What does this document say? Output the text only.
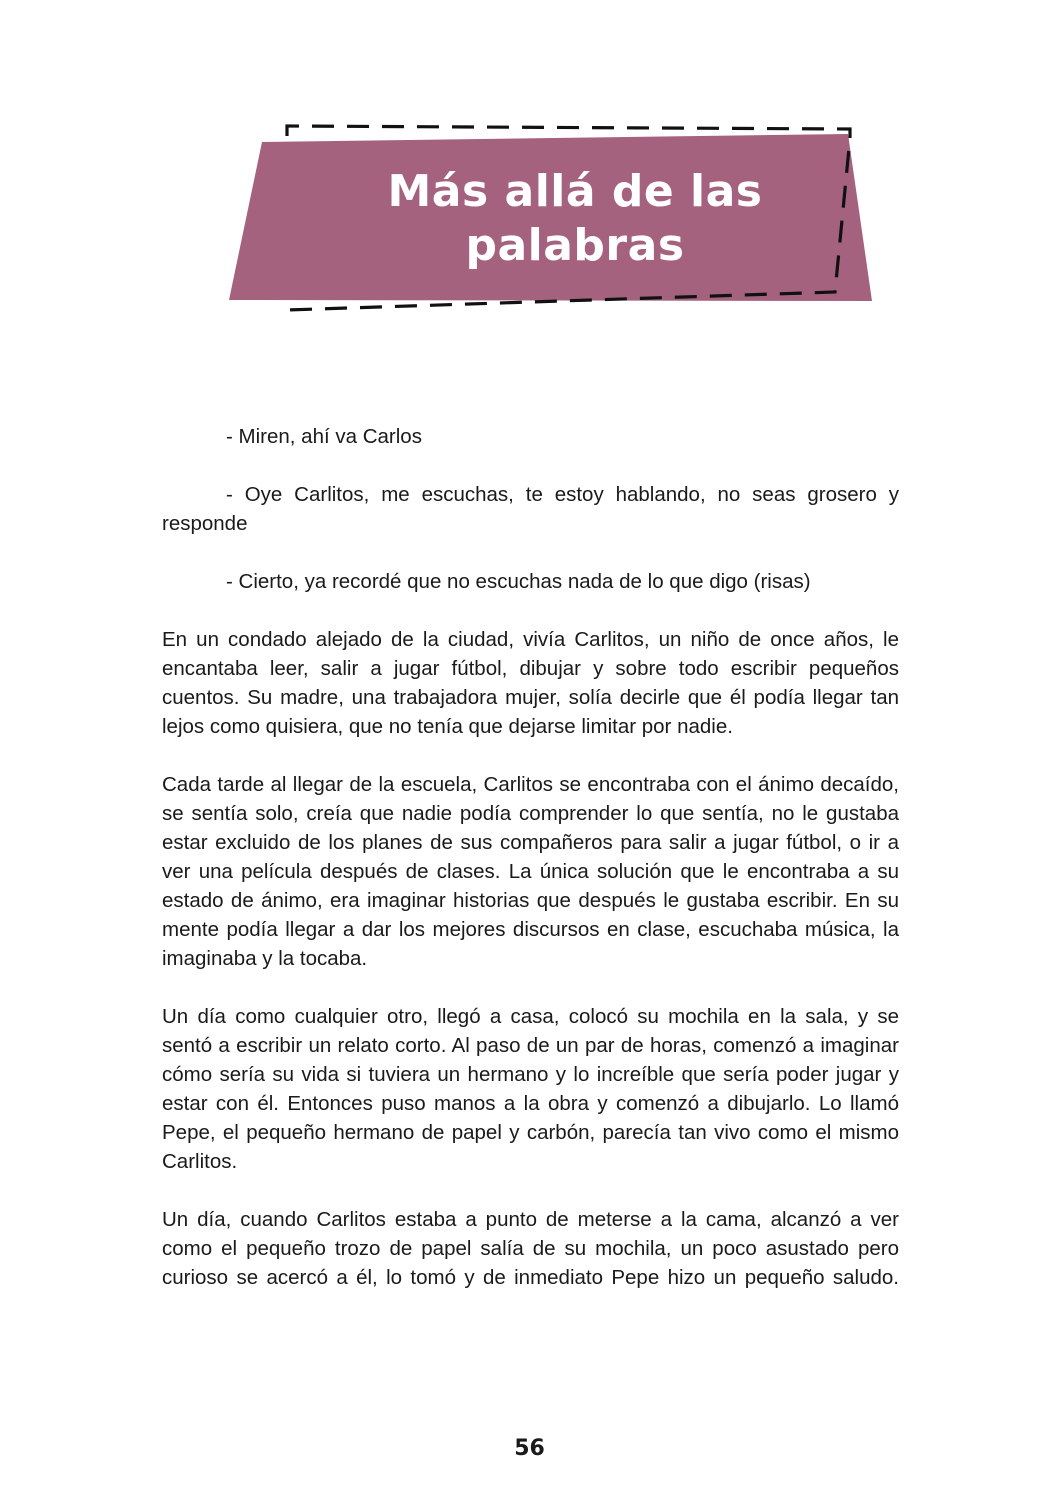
Más allá de las
palabras

- Miren, ahí va Carlos

- Oye Carlitos, me escuchas, te estoy hablando, no seas grosero y responde

- Cierto, ya recordé que no escuchas nada de lo que digo (risas)

En un condado alejado de la ciudad, vivía Carlitos, un niño de once años, le encantaba leer, salir a jugar fútbol, dibujar y sobre todo escribir pequeños cuentos. Su madre, una trabajadora mujer, solía decirle que él podía llegar tan lejos como quisiera, que no tenía que dejarse limitar por nadie.

Cada tarde al llegar de la escuela, Carlitos se encontraba con el ánimo decaído, se sentía solo, creía que nadie podía comprender lo que sentía, no le gustaba estar excluido de los planes de sus compañeros para salir a jugar fútbol, o ir a ver una película después de clases. La única solución que le encontraba a su estado de ánimo, era imaginar historias que después le gustaba escribir. En su mente podía llegar a dar los mejores discursos en clase, escuchaba música, la imaginaba y la tocaba.

Un día como cualquier otro, llegó a casa, colocó su mochila en la sala, y se sentó a escribir un relato corto. Al paso de un par de horas, comenzó a imaginar cómo sería su vida si tuviera un hermano y lo increíble que sería poder jugar y estar con él. Entonces puso manos a la obra y comenzó a dibujarlo. Lo llamó Pepe, el pequeño hermano de papel y carbón, parecía tan vivo como el mismo Carlitos.

Un día, cuando Carlitos estaba a punto de meterse a la cama, alcanzó a ver como el pequeño trozo de papel salía de su mochila, un poco asustado pero curioso se acercó a él, lo tomó y de inmediato Pepe hizo un pequeño saludo.

56
